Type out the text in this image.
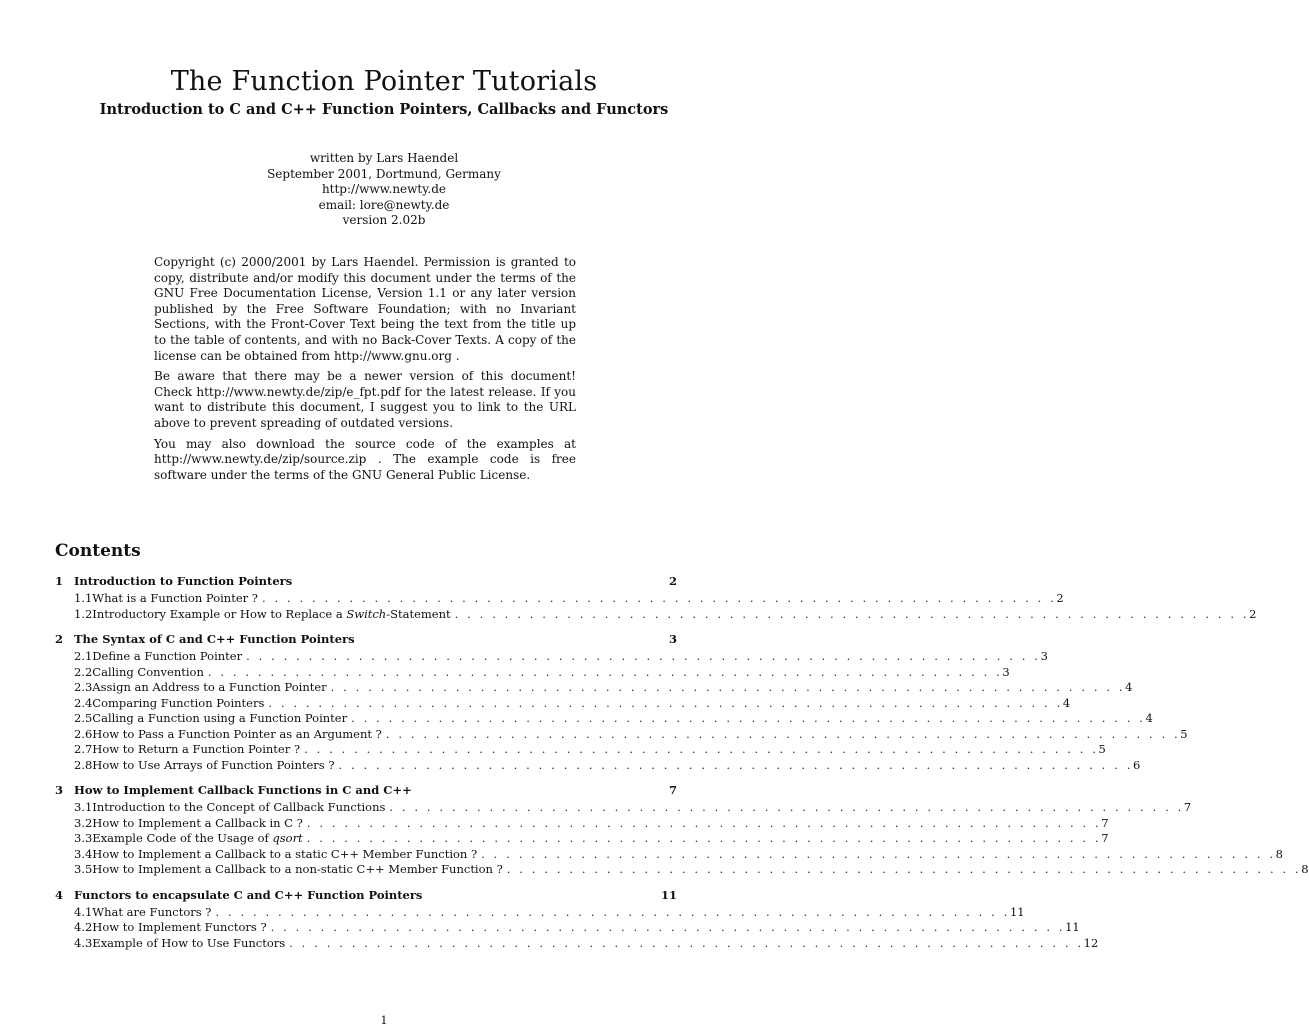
The Function Pointer Tutorials
Introduction to C and C++ Function Pointers, Callbacks and Functors
written by Lars Haendel
September 2001, Dortmund, Germany
http://www.newty.de
email: lore@newty.de
version 2.02b

Copyright (c) 2000/2001 by Lars Haendel. Permission is granted to copy, distribute and/or modify this document under the terms of the GNU Free Documentation License, Version 1.1 or any later version published by the Free Software Foundation; with no Invariant Sections, with the Front-Cover Text being the text from the title up to the table of contents, and with no Back-Cover Texts. A copy of the license can be obtained from http://www.gnu.org .

Be aware that there may be a newer version of this document! Check http://www.newty.de/zip/e_fpt.pdf for the latest release. If you want to distribute this document, I suggest you to link to the URL above to prevent spreading of outdated versions.

You may also download the source code of the examples at http://www.newty.de/zip/source.zip . The example code is free software under the terms of the GNU General Public License.

Contents
1 Introduction to Function Pointers	2
1.1 What is a Function Pointer ? . . . . . . . . . . . . . . . . . . . . . . . . . . . . . . . . . . . . . . . . . . . . . . . . . . . . . . . . . . . . . . . . 2
1.2 Introductory Example or How to Replace a Switch-Statement . . . . . . . . . . . . . . . . . . . . . . . . . . . . . . . . . . . . . . . . . . . . . . . . . . . . . . . . . . . . . . . . 2
2 The Syntax of C and C++ Function Pointers	3
2.1 Define a Function Pointer . . . . . . . . . . . . . . . . . . . . . . . . . . . . . . . . . . . . . . . . . . . . . . . . . . . . . . . . . . . . . . . . 3
2.2 Calling Convention . . . . . . . . . . . . . . . . . . . . . . . . . . . . . . . . . . . . . . . . . . . . . . . . . . . . . . . . . . . . . . . . 3
2.3 Assign an Address to a Function Pointer . . . . . . . . . . . . . . . . . . . . . . . . . . . . . . . . . . . . . . . . . . . . . . . . . . . . . . . . . . . . . . . . 4
2.4 Comparing Function Pointers . . . . . . . . . . . . . . . . . . . . . . . . . . . . . . . . . . . . . . . . . . . . . . . . . . . . . . . . . . . . . . . . 4
2.5 Calling a Function using a Function Pointer . . . . . . . . . . . . . . . . . . . . . . . . . . . . . . . . . . . . . . . . . . . . . . . . . . . . . . . . . . . . . . . . 4
2.6 How to Pass a Function Pointer as an Argument ? . . . . . . . . . . . . . . . . . . . . . . . . . . . . . . . . . . . . . . . . . . . . . . . . . . . . . . . . . . . . . . . . 5
2.7 How to Return a Function Pointer ? . . . . . . . . . . . . . . . . . . . . . . . . . . . . . . . . . . . . . . . . . . . . . . . . . . . . . . . . . . . . . . . . 5
2.8 How to Use Arrays of Function Pointers ? . . . . . . . . . . . . . . . . . . . . . . . . . . . . . . . . . . . . . . . . . . . . . . . . . . . . . . . . . . . . . . . . 6
3 How to Implement Callback Functions in C and C++	7
3.1 Introduction to the Concept of Callback Functions . . . . . . . . . . . . . . . . . . . . . . . . . . . . . . . . . . . . . . . . . . . . . . . . . . . . . . . . . . . . . . . . 7
3.2 How to Implement a Callback in C ? . . . . . . . . . . . . . . . . . . . . . . . . . . . . . . . . . . . . . . . . . . . . . . . . . . . . . . . . . . . . . . . . 7
3.3 Example Code of the Usage of qsort . . . . . . . . . . . . . . . . . . . . . . . . . . . . . . . . . . . . . . . . . . . . . . . . . . . . . . . . . . . . . . . . 7
3.4 How to Implement a Callback to a static C++ Member Function ? . . . . . . . . . . . . . . . . . . . . . . . . . . . . . . . . . . . . . . . . . . . . . . . . . . . . . . . . . . . . . . . . 8
3.5 How to Implement a Callback to a non-static C++ Member Function ? . . . . . . . . . . . . . . . . . . . . . . . . . . . . . . . . . . . . . . . . . . . . . . . . . . . . . . . . . . . . . . . . 8
4 Functors to encapsulate C and C++ Function Pointers	11
4.1 What are Functors ? . . . . . . . . . . . . . . . . . . . . . . . . . . . . . . . . . . . . . . . . . . . . . . . . . . . . . . . . . . . . . . . . 11
4.2 How to Implement Functors ? . . . . . . . . . . . . . . . . . . . . . . . . . . . . . . . . . . . . . . . . . . . . . . . . . . . . . . . . . . . . . . . . 11
4.3 Example of How to Use Functors . . . . . . . . . . . . . . . . . . . . . . . . . . . . . . . . . . . . . . . . . . . . . . . . . . . . . . . . . . . . . . . . 12
1
